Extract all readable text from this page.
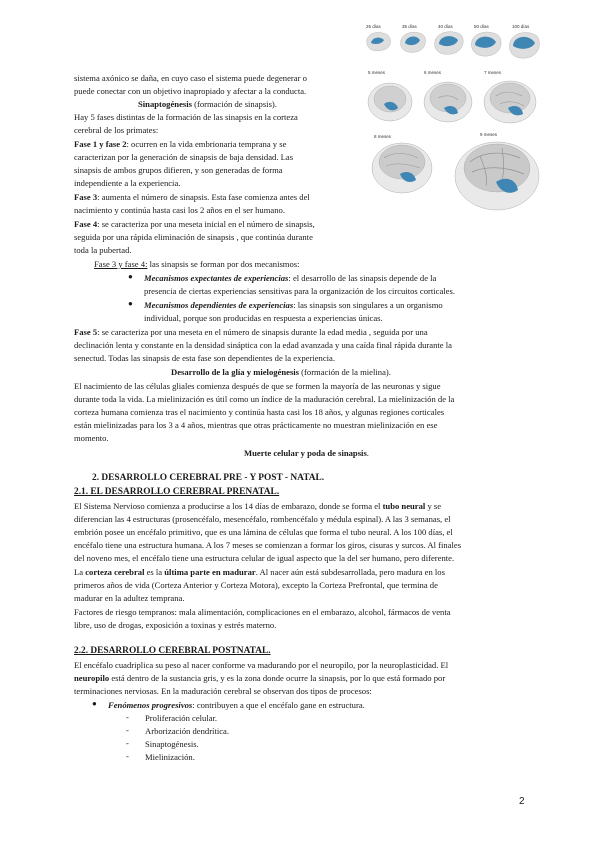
25 días	35 días	40 días	50 días	100 días
5 meses	6 meses	7 meses
8 meses	9 meses
sistema axónico se daña, en cuyo caso el sistema puede degenerar o
puede conectar con un objetivo inapropiado y afectar a la conducta.
Sinaptogénesis (formación de sinapsis).
Hay 5 fases distintas de la formación de las sinapsis en la corteza
cerebral de los primates:
Fase 1 y fase 2: ocurren en la vida embrionaria temprana y se
caracterizan por la generación de sinapsis de baja densidad. Las
sinapsis de ambos grupos difieren, y son generadas de forma
independiente a la experiencia.
Fase 3: aumenta el número de sinapsis. Esta fase comienza antes del
nacimiento y continúa hasta casi los 2 años en el ser humano.
Fase 4: se caracteriza por una meseta inicial en el número de sinapsis,
seguida por una rápida eliminación de sinapsis , que continúa durante
toda la pubertad.
Fase 3 y fase 4: las sinapsis se forman por dos mecanismos:
● Mecanismos expectantes de experiencias: el desarrollo de las sinapsis depende de la
presencia de ciertas experiencias sensitivas para la organización de los circuitos corticales.
● Mecanismos dependientes de experiencias: las sinapsis son singulares a un organismo
individual, porque son producidas en respuesta a experiencias únicas.
Fase 5: se caracteriza por una meseta en el número de sinapsis durante la edad media , seguida por una
declinación lenta y constante en la densidad sináptica con la edad avanzada y una caída final rápida durante la
senectud. Todas las sinapsis de esta fase son dependientes de la experiencia.
Desarrollo de la glía y mielogénesis (formación de la mielina).
El nacimiento de las células gliales comienza después de que se formen la mayoría de las neuronas y sigue
durante toda la vida. La mielinización es útil como un índice de la maduración cerebral. La mielinización de la
corteza humana comienza tras el nacimiento y continúa hasta casi los 18 años, y algunas regiones corticales
están mielinizadas para los 3 a 4 años, mientras que otras prácticamente no muestran mielinización en ese
momento.
Muerte celular y poda de sinapsis.
2. DESARROLLO CEREBRAL PRE - Y POST - NATAL.
2.1. EL DESARROLLO CEREBRAL PRENATAL.
El Sistema Nervioso comienza a producirse a los 14 días de embarazo, donde se forma el tubo neural y se
diferencian las 4 estructuras (prosencéfalo, mesencéfalo, rombencéfalo y médula espinal). A las 3 semanas, el
embrión posee un encéfalo primitivo, que es una lámina de células que forma el tubo neural. A los 100 días, el
encéfalo tiene una estructura humana. A los 7 meses se comienzan a formar los giros, cisuras y surcos. Al finales
del noveno mes, el encéfalo tiene una estructura celular de igual aspecto que la del ser humano, pero diferente.
La corteza cerebral es la última parte en madurar. Al nacer aún está subdesarrollada, pero madura en los
primeros años de vida (Corteza Anterior y Corteza Motora), excepto la Corteza Prefrontal, que termina de
madurar en la adultez temprana.
Factores de riesgo tempranos: mala alimentación, complicaciones en el embarazo, alcohol, fármacos de venta
libre, uso de drogas, exposición a toxinas y estrés materno.
2.2. DESARROLLO CEREBRAL POSTNATAL.
El encéfalo cuadriplica su peso al nacer conforme va madurando por el neuropilo, por la neuroplasticidad. El
neuropilo está dentro de la sustancia gris, y es la zona donde ocurre la sinapsis, por lo que está formado por
terminaciones nerviosas. En la maduración cerebral se observan dos tipos de procesos:
● Fenómenos progresivos: contribuyen a que el encéfalo gane en estructura.
- Proliferación celular.
- Arborización dendrítica.
- Sinaptogénesis.
- Mielinización.
2
